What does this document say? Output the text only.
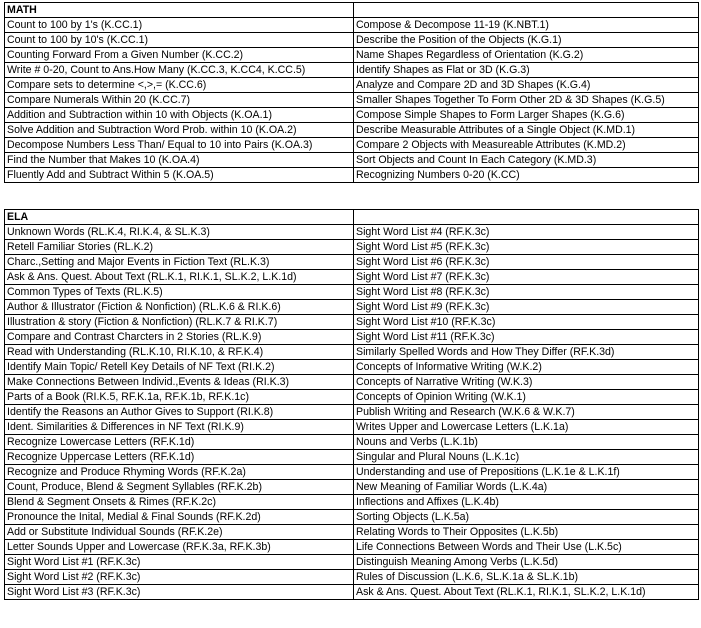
MATH	
Count to 100 by 1's (K.CC.1)	Compose & Decompose 11-19 (K.NBT.1)
Count to 100 by 10's (K.CC.1)	Describe the Position of the Objects (K.G.1)
Counting Forward From a Given Number (K.CC.2)	Name Shapes Regardless of Orientation (K.G.2)
Write # 0-20, Count to Ans.How Many (K.CC.3, K.CC4, K.CC.5)	Identify Shapes as Flat or 3D (K.G.3)
Compare sets to determine <,>,= (K.CC.6)	Analyze and Compare 2D and 3D Shapes (K.G.4)
Compare Numerals Within 20 (K.CC.7)	Smaller Shapes Together To Form Other 2D & 3D Shapes (K.G.5)
Addition and Subtraction within 10 with Objects (K.OA.1)	Compose Simple Shapes to Form Larger Shapes (K.G.6)
Solve Addition and Subtraction Word Prob. within 10 (K.OA.2)	Describe Measurable Attributes of a Single Object (K.MD.1)
Decompose Numbers Less Than/ Equal to 10 into Pairs (K.OA.3)	Compare 2 Objects with Measureable Attributes (K.MD.2)
Find the Number that Makes 10 (K.OA.4)	Sort Objects and Count In Each Category (K.MD.3)
Fluently Add and Subtract Within 5 (K.OA.5)	Recognizing Numbers 0-20 (K.CC)
ELA	
Unknown Words (RL.K.4, RI.K.4, & SL.K.3)	Sight Word List #4 (RF.K.3c)
Retell Familiar Stories (RL.K.2)	Sight Word List #5 (RF.K.3c)
Charc.,Setting and Major Events in Fiction Text (RL.K.3)	Sight Word List #6 (RF.K.3c)
Ask & Ans. Quest. About Text (RL.K.1, RI.K.1, SL.K.2, L.K.1d)	Sight Word List #7 (RF.K.3c)
Common Types of Texts (RL.K.5)	Sight Word List #8 (RF.K.3c)
Author & Illustrator (Fiction & Nonfiction) (RL.K.6 & RI.K.6)	Sight Word List #9 (RF.K.3c)
Illustration & story (Fiction & Nonfiction) (RL.K.7 & RI.K.7)	Sight Word List #10 (RF.K.3c)
Compare and Contrast Charcters in 2 Stories (RL.K.9)	Sight Word List #11 (RF.K.3c)
Read with Understanding (RL.K.10, RI.K.10, & RF.K.4)	Similarly Spelled Words and How They Differ (RF.K.3d)
Identify Main Topic/ Retell Key Details of NF Text (RI.K.2)	Concepts of Informative Writing (W.K.2)
Make Connections Between Individ.,Events & Ideas (RI.K.3)	Concepts of Narrative Writing (W.K.3)
Parts of a Book (RI.K.5, RF.K.1a, RF.K.1b, RF.K.1c)	Concepts of Opinion Writing (W.K.1)
Identify the Reasons an Author Gives to Support (RI.K.8)	Publish Writing and Research (W.K.6 & W.K.7)
Ident. Similarities & Differences in NF Text (RI.K.9)	Writes Upper and Lowercase Letters (L.K.1a)
Recognize Lowercase Letters (RF.K.1d)	Nouns and Verbs (L.K.1b)
Recognize Uppercase Letters (RF.K.1d)	Singular and Plural Nouns (L.K.1c)
Recognize and Produce Rhyming Words (RF.K.2a)	Understanding and use of Prepositions (L.K.1e & L.K.1f)
Count, Produce, Blend & Segment Syllables (RF.K.2b)	New Meaning of Familiar Words (L.K.4a)
Blend & Segment Onsets & Rimes (RF.K.2c)	Inflections and Affixes (L.K.4b)
Pronounce the Inital, Medial & Final Sounds (RF.K.2d)	Sorting Objects (L.K.5a)
Add or Substitute Individual Sounds (RF.K.2e)	Relating Words to Their Opposites (L.K.5b)
Letter Sounds Upper and Lowercase (RF.K.3a, RF.K.3b)	Life Connections Between Words and Their Use (L.K.5c)
Sight Word List #1 (RF.K.3c)	Distinguish Meaning Among Verbs (L.K.5d)
Sight Word List #2 (RF.K.3c)	Rules of Discussion (L.K.6, SL.K.1a & SL.K.1b)
Sight Word List #3 (RF.K.3c)	Ask & Ans. Quest. About Text (RL.K.1, RI.K.1, SL.K.2, L.K.1d)
